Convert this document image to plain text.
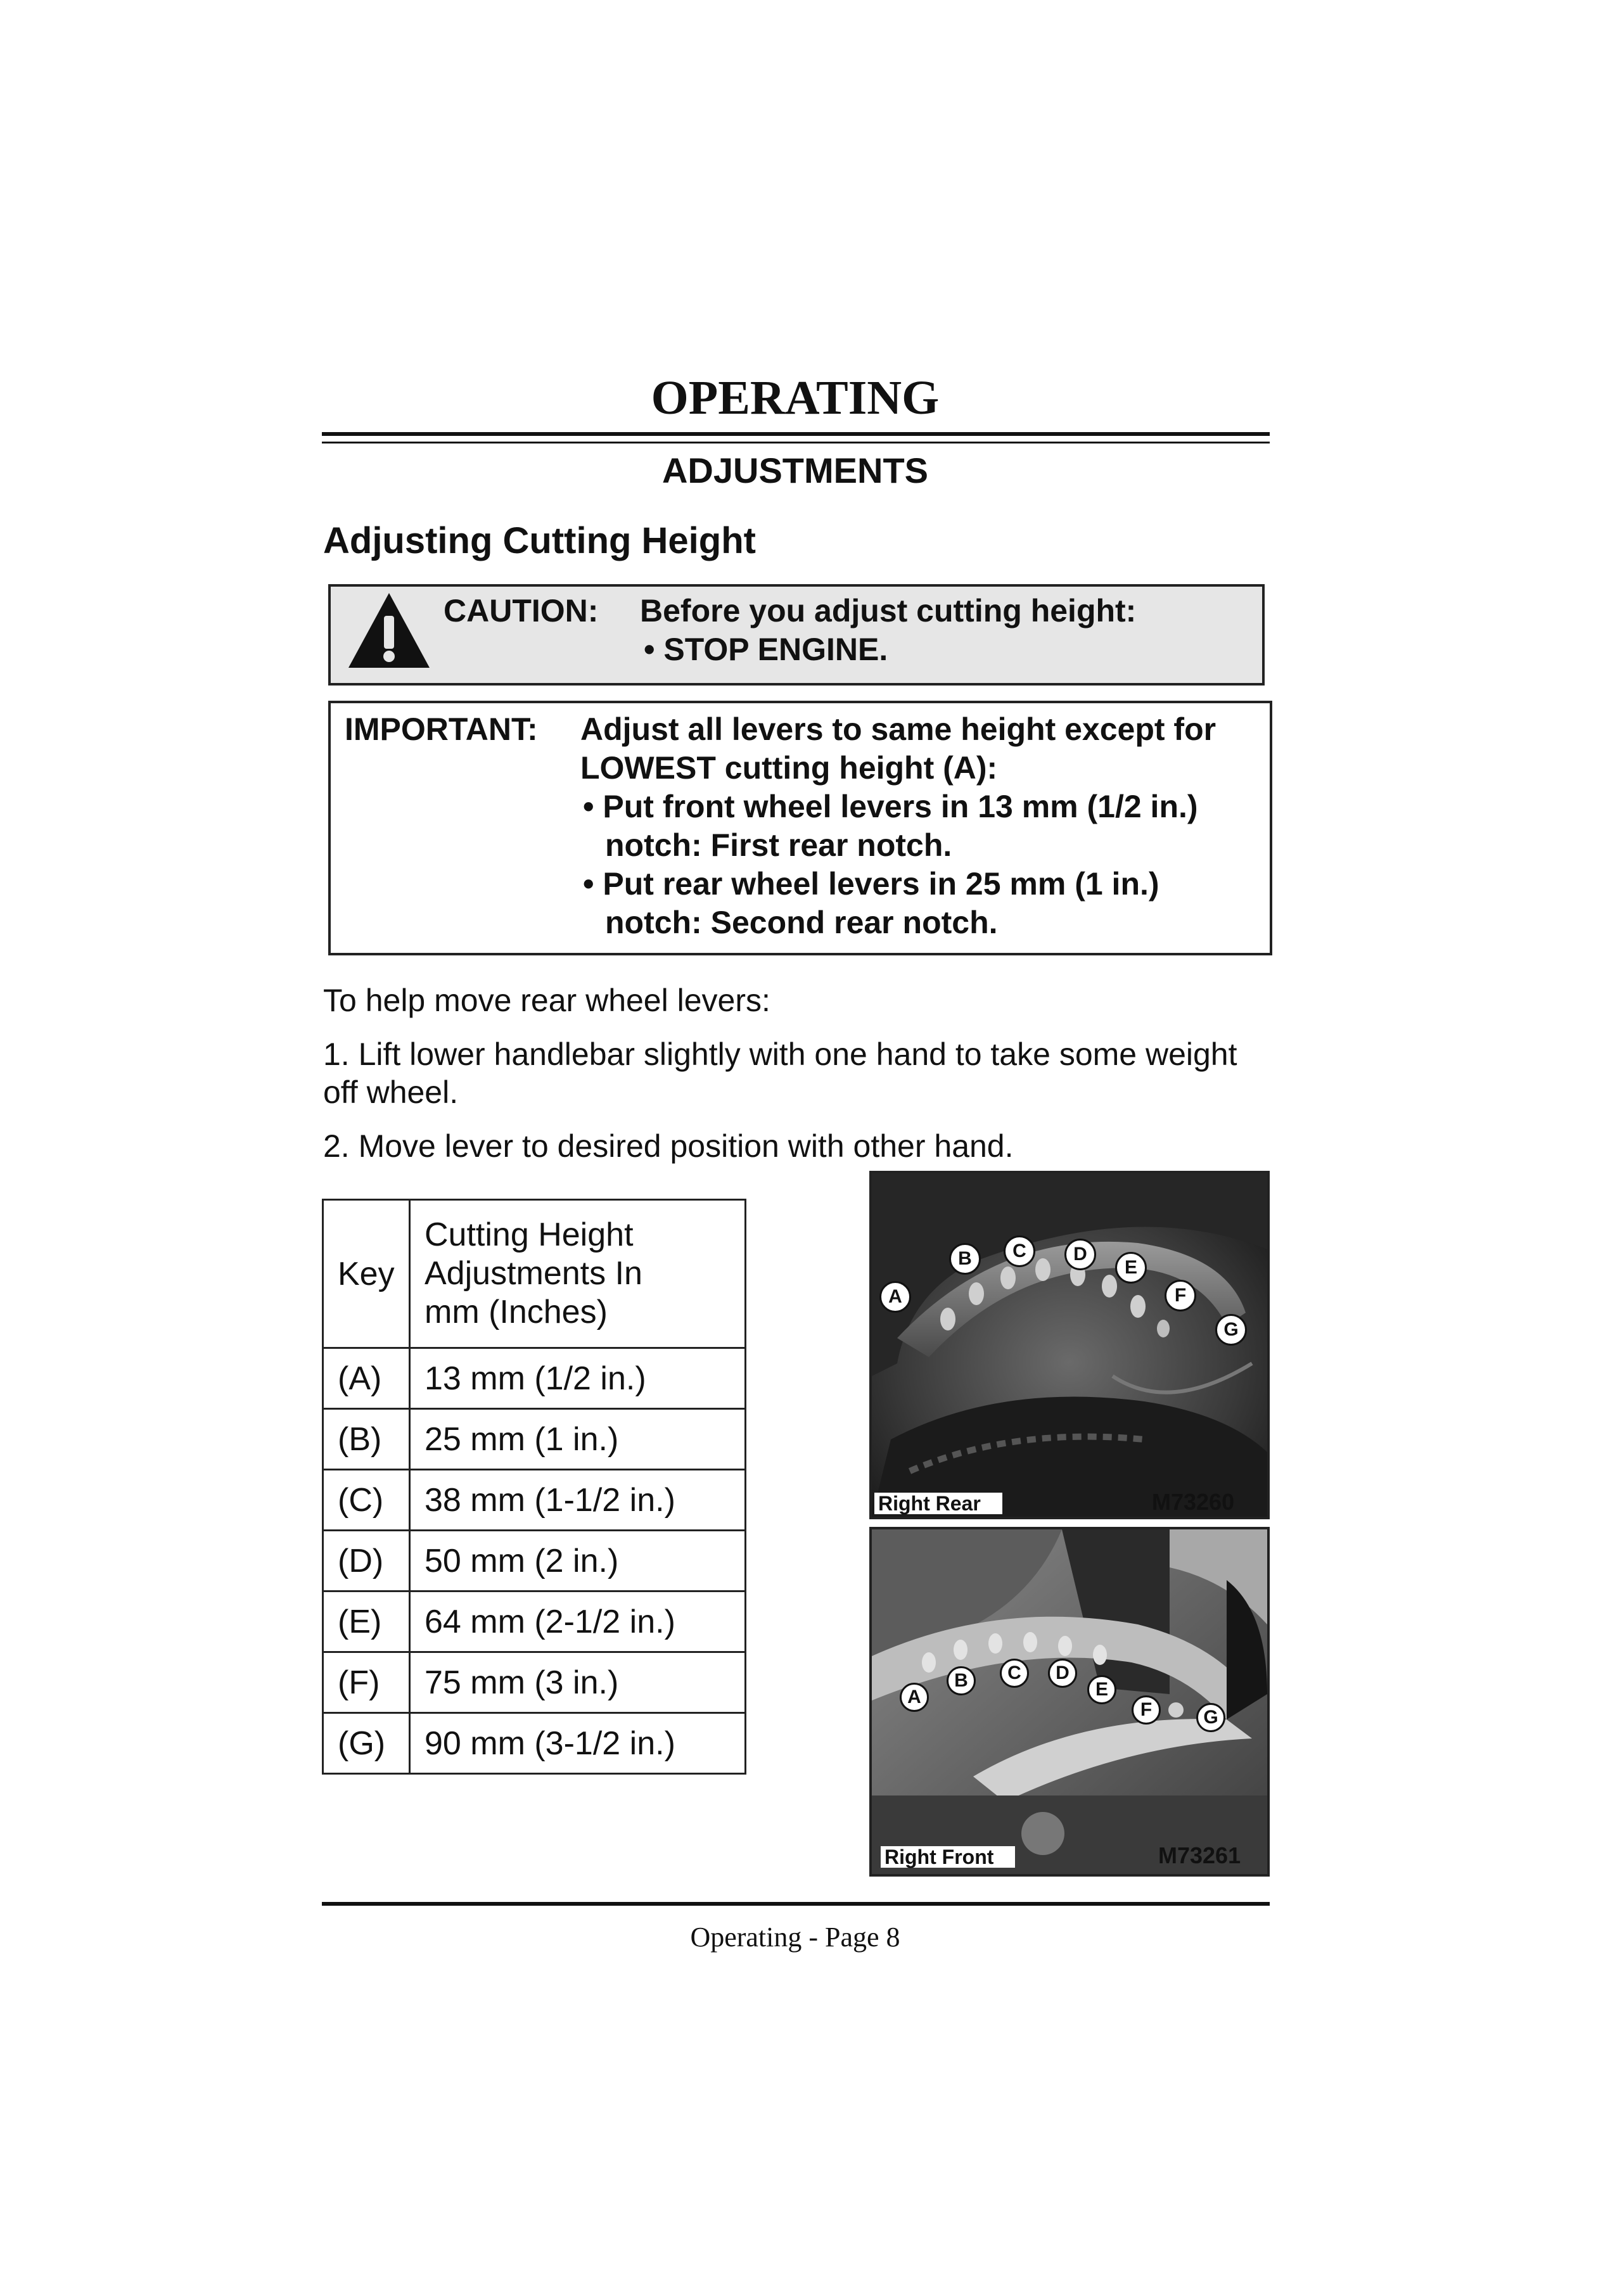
OPERATING
ADJUSTMENTS
Adjusting Cutting Height
CAUTION: Before you adjust cutting height:
• STOP ENGINE.
IMPORTANT: Adjust all levers to same height except for
LOWEST cutting height (A):
• Put front wheel levers in 13 mm (1/2 in.)
notch: First rear notch.
• Put rear wheel levers in 25 mm (1 in.)
notch: Second rear notch.
To help move rear wheel levers:
1. Lift lower handlebar slightly with one hand to take some weight
off wheel.
2. Move lever to desired position with other hand.
Key	Cutting Height
Adjustments In
mm (Inches)

(A)	13 mm (1/2 in.)
(B)	25 mm (1 in.)
(C)	38 mm (1-1/2 in.)
(D)	50 mm (2 in.)
(E)	64 mm (2-1/2 in.)
(F)	75 mm (3 in.)
(G)	90 mm (3-1/2 in.)
A
B	C	D
E
F
G
Right Rear	M73260
A
B	C	D
E
F	G
Right Front	M73261
Operating - Page 8
